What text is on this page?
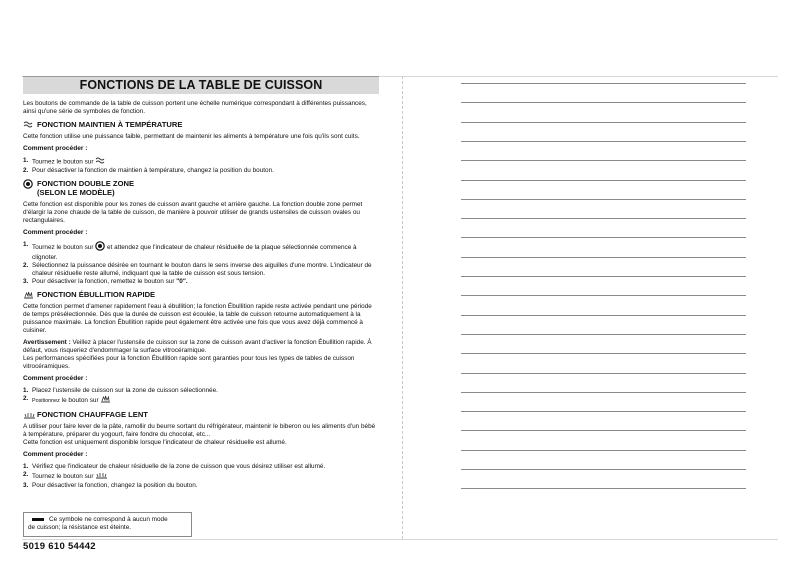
FONCTIONS DE LA TABLE DE CUISSON

Les boutons de commande de la table de cuisson portent une échelle numérique correspondant à différentes puissances, ainsi qu'une série de symboles de fonction.

FONCTION MAINTIEN À TEMPÉRATURE

Cette fonction utilise une puissance faible, permettant de maintenir les aliments à température une fois qu'ils sont cuits.

Comment procéder :

1. Tournez le bouton sur
2. Pour désactiver la fonction de maintien à température, changez la position du bouton.
FONCTION DOUBLE ZONE
(SELON LE MODÈLE)

Cette fonction est disponible pour les zones de cuisson avant gauche et arrière gauche. La fonction double zone permet d'élargir la zone chaude de la table de cuisson, de manière à pouvoir utiliser de grands ustensiles de cuisson ovales ou rectangulaires.

Comment procéder :

1. Tournez le bouton sur et attendez que l'indicateur de chaleur résiduelle de la plaque sélectionnée commence à clignoter.
2. Sélectionnez la puissance désirée en tournant le bouton dans le sens inverse des aiguilles d'une montre. L'indicateur de chaleur résiduelle reste allumé, indiquant que la table de cuisson est sous tension.
3. Pour désactiver la fonction, remettez le bouton sur "0".
FONCTION ÉBULLITION RAPIDE

Cette fonction permet d'amener rapidement l'eau à ébullition; la fonction Ébullition rapide reste activée pendant une période de temps présélectionnée. Dès que la durée de cuisson est écoulée, la table de cuisson retourne automatiquement à la puissance maximale. La fonction Ébullition rapide peut également être activée une fois que vous avez déjà commencé à cuisiner.

Avertissement : Veillez à placer l'ustensile de cuisson sur la zone de cuisson avant d'activer la fonction Ébullition rapide. À défaut, vous risqueriez d'endommager la surface vitrocéramique.

Les performances spécifiées pour la fonction Ébullition rapide sont garanties pour tous les types de tables de cuisson vitrocéramiques.

Comment procéder :

1. Placez l'ustensile de cuisson sur la zone de cuisson sélectionnée.
2. Positionnez le bouton sur
FONCTION CHAUFFAGE LENT

A utiliser pour faire lever de la pâte, ramollir du beurre sortant du réfrigérateur, maintenir le biberon ou les aliments d'un bébé à température, préparer du yogourt, faire fondre du chocolat, etc...

Cette fonction est uniquement disponible lorsque l'indicateur de chaleur résiduelle est allumé.

Comment procéder :

1. Vérifiez que l'indicateur de chaleur résiduelle de la zone de cuisson que vous désirez utiliser est allumé.
2. Tournez le bouton sur
3. Pour désactiver la fonction, changez la position du bouton.
Ce symbole ne correspond à aucun mode
de cuisson; la résistance est éteinte.
5019 610 54442
